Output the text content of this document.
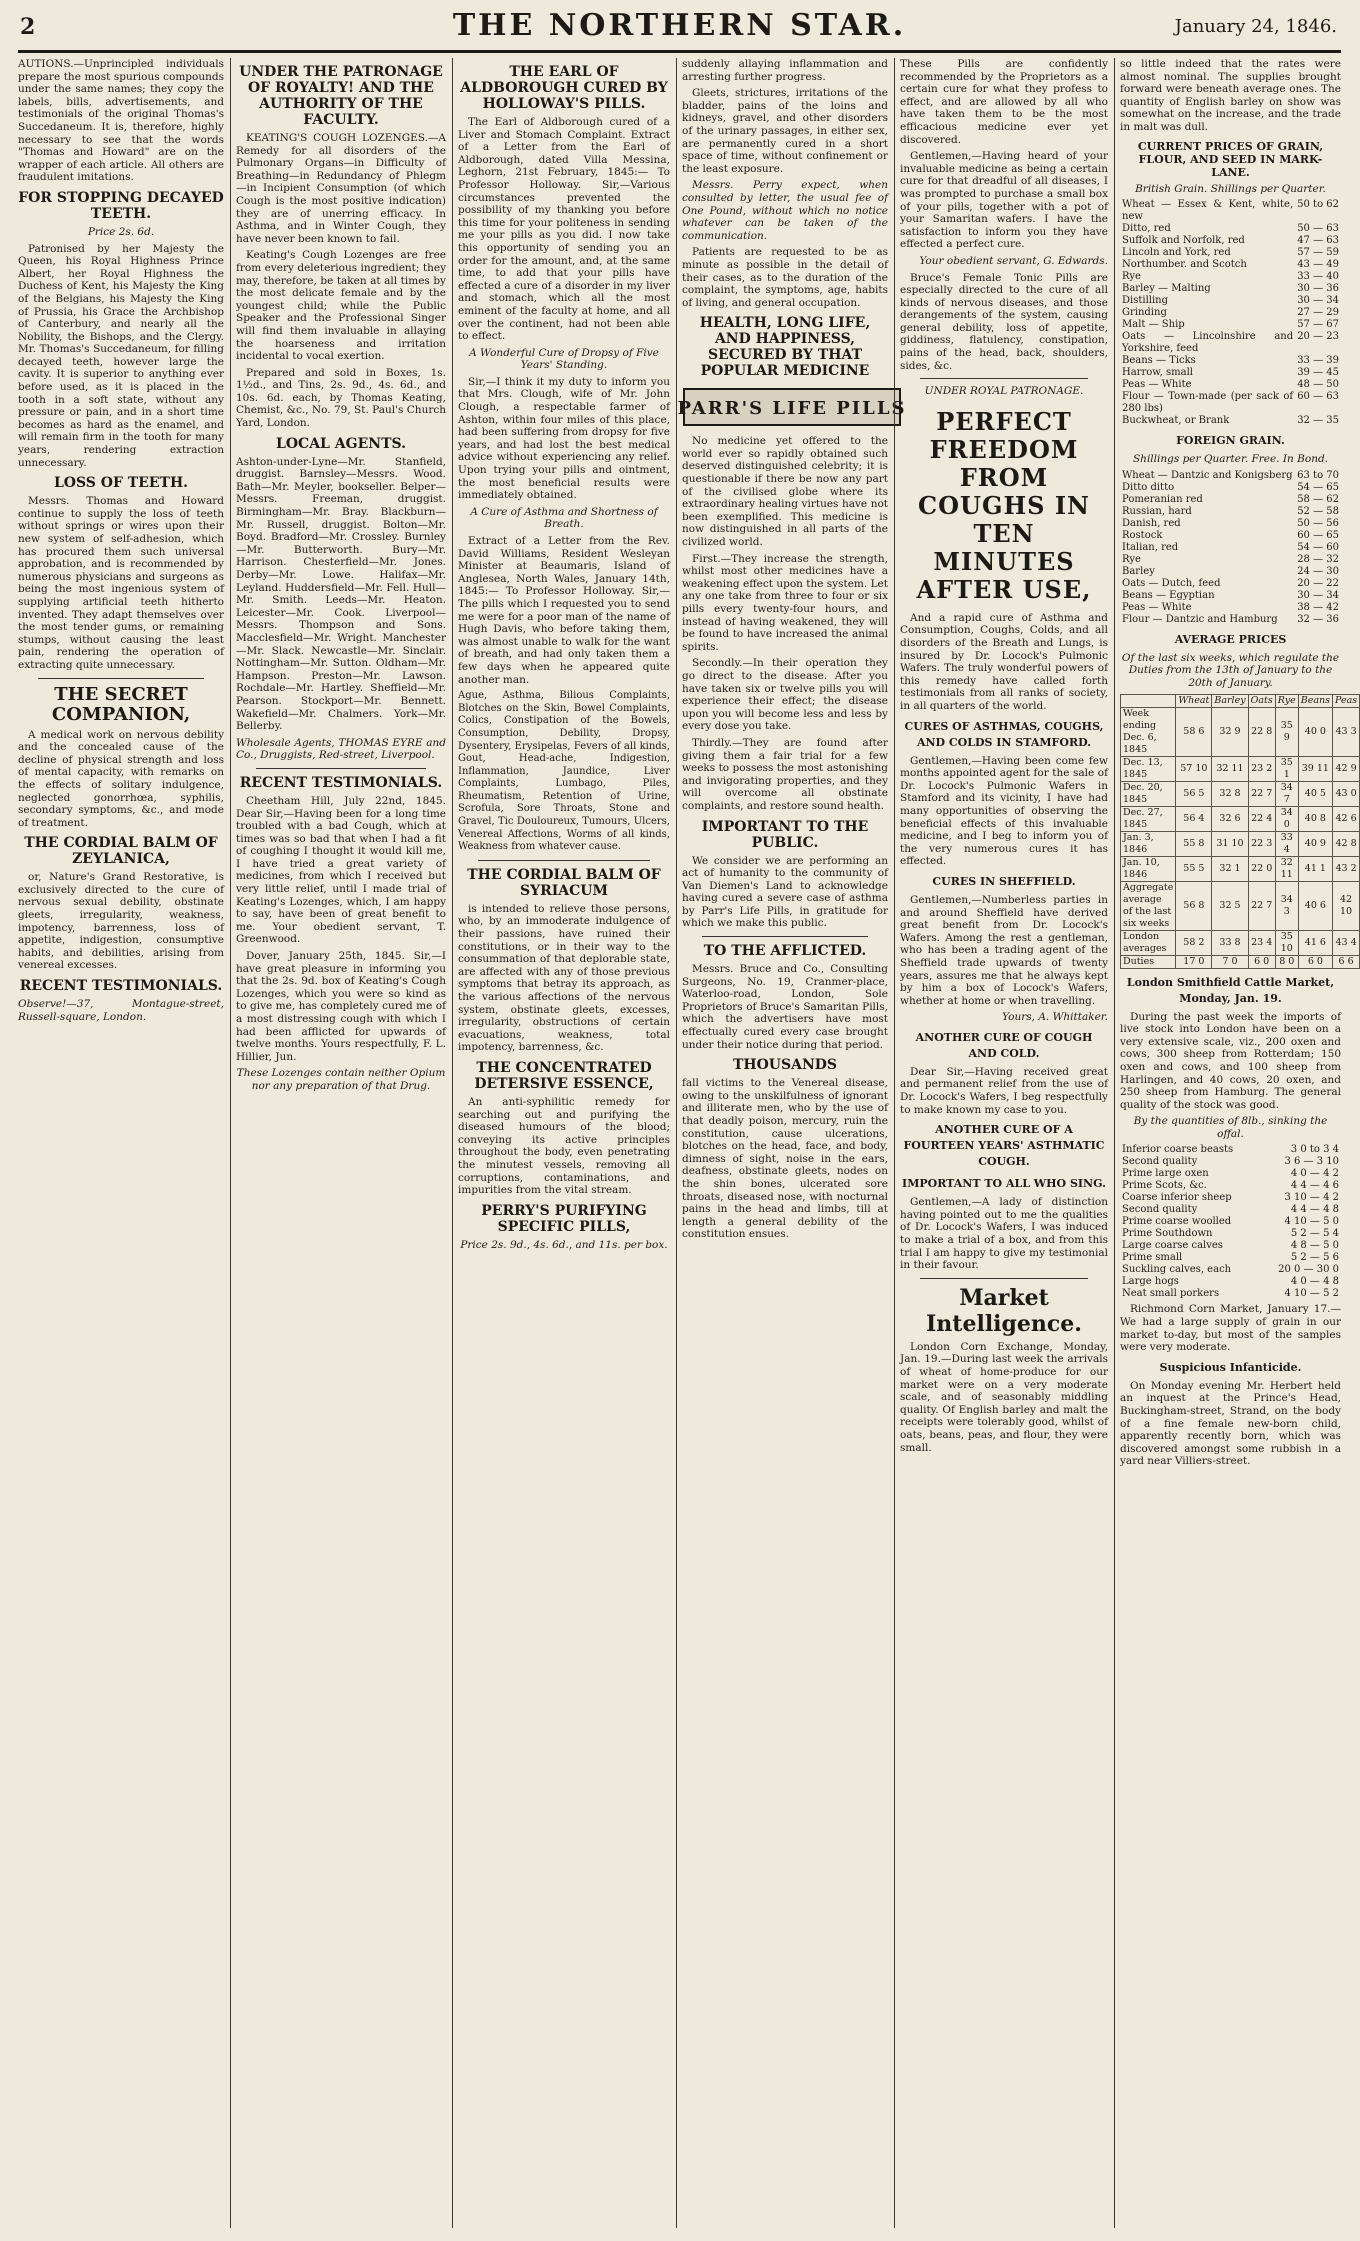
2	THE NORTHERN STAR.	January 24, 1846.

AUTIONS.—Unprincipled individuals prepare the most spurious compounds under the same names; they copy the labels, bills, advertisements, and testimonials of the original Thomas's Succedaneum. It is, therefore, highly necessary to see that the words "Thomas and Howard" are on the wrapper of each article. All others are fraudulent imitations.

FOR STOPPING DECAYED TEETH.
Price 2s. 6d.

Patronised by her Majesty the Queen, his Royal Highness Prince Albert, her Royal Highness the Duchess of Kent, his Majesty the King of the Belgians, his Majesty the King of Prussia, his Grace the Archbishop of Canterbury, and nearly all the Nobility, the Bishops, and the Clergy. Mr. Thomas's Succedaneum, for filling decayed teeth, however large the cavity. It is superior to anything ever before used, as it is placed in the tooth in a soft state, without any pressure or pain, and in a short time becomes as hard as the enamel, and will remain firm in the tooth for many years, rendering extraction unnecessary.

LOSS OF TEETH.

Messrs. Thomas and Howard continue to supply the loss of teeth without springs or wires upon their new system of self-adhesion, which has procured them such universal approbation, and is recommended by numerous physicians and surgeons as being the most ingenious system of supplying artificial teeth hitherto invented. They adapt themselves over the most tender gums, or remaining stumps, without causing the least pain, rendering the operation of extracting quite unnecessary.

THE SECRET COMPANION,

A medical work on nervous debility and the concealed cause of the decline of physical strength and loss of mental capacity, with remarks on the effects of solitary indulgence, neglected gonorrhœa, syphilis, secondary symptoms, &c., and mode of treatment.

THE CORDIAL BALM OF ZEYLANICA,

or, Nature's Grand Restorative, is exclusively directed to the cure of nervous sexual debility, obstinate gleets, irregularity, weakness, impotency, barrenness, loss of appetite, indigestion, consumptive habits, and debilities, arising from venereal excesses.

RECENT TESTIMONIALS.

Observe!—37, Montague-street, Russell-square, London.

UNDER THE PATRONAGE OF ROYALTY! AND THE AUTHORITY OF THE FACULTY.

KEATING'S COUGH LOZENGES.—A Remedy for all disorders of the Pulmonary Organs—in Difficulty of Breathing—in Redundancy of Phlegm—in Incipient Consumption (of which Cough is the most positive indication) they are of unerring efficacy. In Asthma, and in Winter Cough, they have never been known to fail.

Keating's Cough Lozenges are free from every deleterious ingredient; they may, therefore, be taken at all times by the most delicate female and by the youngest child; while the Public Speaker and the Professional Singer will find them invaluable in allaying the hoarseness and irritation incidental to vocal exertion.

Prepared and sold in Boxes, 1s. 1½d., and Tins, 2s. 9d., 4s. 6d., and 10s. 6d. each, by Thomas Keating, Chemist, &c., No. 79, St. Paul's Church Yard, London.

LOCAL AGENTS.

Ashton-under-Lyne—Mr. Stanfield, druggist. Barnsley—Messrs. Wood. Bath—Mr. Meyler, bookseller. Belper—Messrs. Freeman, druggist. Birmingham—Mr. Bray. Blackburn—Mr. Russell, druggist. Bolton—Mr. Boyd. Bradford—Mr. Crossley. Burnley—Mr. Butterworth. Bury—Mr. Harrison. Chesterfield—Mr. Jones. Derby—Mr. Lowe. Halifax—Mr. Leyland. Huddersfield—Mr. Fell. Hull—Mr. Smith. Leeds—Mr. Heaton. Leicester—Mr. Cook. Liverpool—Messrs. Thompson and Sons. Macclesfield—Mr. Wright. Manchester—Mr. Slack. Newcastle—Mr. Sinclair. Nottingham—Mr. Sutton. Oldham—Mr. Hampson. Preston—Mr. Lawson. Rochdale—Mr. Hartley. Sheffield—Mr. Pearson. Stockport—Mr. Bennett. Wakefield—Mr. Chalmers. York—Mr. Bellerby.

Wholesale Agents, THOMAS EYRE and Co., Druggists, Red-street, Liverpool.

RECENT TESTIMONIALS.

Cheetham Hill, July 22nd, 1845. Dear Sir,—Having been for a long time troubled with a bad Cough, which at times was so bad that when I had a fit of coughing I thought it would kill me, I have tried a great variety of medicines, from which I received but very little relief, until I made trial of Keating's Lozenges, which, I am happy to say, have been of great benefit to me. Your obedient servant, T. Greenwood.

Dover, January 25th, 1845. Sir,—I have great pleasure in informing you that the 2s. 9d. box of Keating's Cough Lozenges, which you were so kind as to give me, has completely cured me of a most distressing cough with which I had been afflicted for upwards of twelve months. Yours respectfully, F. L. Hillier, Jun.

These Lozenges contain neither Opium nor any preparation of that Drug.

THE EARL OF ALDBOROUGH CURED BY HOLLOWAY'S PILLS.

The Earl of Aldborough cured of a Liver and Stomach Complaint. Extract of a Letter from the Earl of Aldborough, dated Villa Messina, Leghorn, 21st February, 1845:— To Professor Holloway. Sir,—Various circumstances prevented the possibility of my thanking you before this time for your politeness in sending me your pills as you did. I now take this opportunity of sending you an order for the amount, and, at the same time, to add that your pills have effected a cure of a disorder in my liver and stomach, which all the most eminent of the faculty at home, and all over the continent, had not been able to effect.

A Wonderful Cure of Dropsy of Five Years' Standing.

Sir,—I think it my duty to inform you that Mrs. Clough, wife of Mr. John Clough, a respectable farmer of Ashton, within four miles of this place, had been suffering from dropsy for five years, and had lost the best medical advice without experiencing any relief. Upon trying your pills and ointment, the most beneficial results were immediately obtained.

A Cure of Asthma and Shortness of Breath.

Extract of a Letter from the Rev. David Williams, Resident Wesleyan Minister at Beaumaris, Island of Anglesea, North Wales, January 14th, 1845:— To Professor Holloway. Sir,—The pills which I requested you to send me were for a poor man of the name of Hugh Davis, who before taking them, was almost unable to walk for the want of breath, and had only taken them a few days when he appeared quite another man.

Ague, Asthma, Bilious Complaints, Blotches on the Skin, Bowel Complaints, Colics, Constipation of the Bowels, Consumption, Debility, Dropsy, Dysentery, Erysipelas, Fevers of all kinds, Gout, Head-ache, Indigestion, Inflammation, Jaundice, Liver Complaints, Lumbago, Piles, Rheumatism, Retention of Urine, Scrofula, Sore Throats, Stone and Gravel, Tic Douloureux, Tumours, Ulcers, Venereal Affections, Worms of all kinds, Weakness from whatever cause.

THE CORDIAL BALM OF SYRIACUM

is intended to relieve those persons, who, by an immoderate indulgence of their passions, have ruined their constitutions, or in their way to the consummation of that deplorable state, are affected with any of those previous symptoms that betray its approach, as the various affections of the nervous system, obstinate gleets, excesses, irregularity, obstructions of certain evacuations, weakness, total impotency, barrenness, &c.

THE CONCENTRATED DETERSIVE ESSENCE,

An anti-syphilitic remedy for searching out and purifying the diseased humours of the blood; conveying its active principles throughout the body, even penetrating the minutest vessels, removing all corruptions, contaminations, and impurities from the vital stream.

PERRY'S PURIFYING SPECIFIC PILLS,
Price 2s. 9d., 4s. 6d., and 11s. per box.

suddenly allaying inflammation and arresting further progress.

Gleets, strictures, irritations of the bladder, pains of the loins and kidneys, gravel, and other disorders of the urinary passages, in either sex, are permanently cured in a short space of time, without confinement or the least exposure.

Messrs. Perry expect, when consulted by letter, the usual fee of One Pound, without which no notice whatever can be taken of the communication.

Patients are requested to be as minute as possible in the detail of their cases, as to the duration of the complaint, the symptoms, age, habits of living, and general occupation.

HEALTH, LONG LIFE, AND HAPPINESS, SECURED BY THAT POPULAR MEDICINE
PARR'S LIFE PILLS

No medicine yet offered to the world ever so rapidly obtained such deserved distinguished celebrity; it is questionable if there be now any part of the civilised globe where its extraordinary healing virtues have not been exemplified. This medicine is now distinguished in all parts of the civilized world.

First.—They increase the strength, whilst most other medicines have a weakening effect upon the system. Let any one take from three to four or six pills every twenty-four hours, and instead of having weakened, they will be found to have increased the animal spirits.

Secondly.—In their operation they go direct to the disease. After you have taken six or twelve pills you will experience their effect; the disease upon you will become less and less by every dose you take.

Thirdly.—They are found after giving them a fair trial for a few weeks to possess the most astonishing and invigorating properties, and they will overcome all obstinate complaints, and restore sound health.

IMPORTANT TO THE PUBLIC.

We consider we are performing an act of humanity to the community of Van Diemen's Land to acknowledge having cured a severe case of asthma by Parr's Life Pills, in gratitude for which we make this public.

TO THE AFFLICTED.

Messrs. Bruce and Co., Consulting Surgeons, No. 19, Cranmer-place, Waterloo-road, London, Sole Proprietors of Bruce's Samaritan Pills, which the advertisers have most effectually cured every case brought under their notice during that period.

THOUSANDS

fall victims to the Venereal disease, owing to the unskilfulness of ignorant and illiterate men, who by the use of that deadly poison, mercury, ruin the constitution, cause ulcerations, blotches on the head, face, and body, dimness of sight, noise in the ears, deafness, obstinate gleets, nodes on the shin bones, ulcerated sore throats, diseased nose, with nocturnal pains in the head and limbs, till at length a general debility of the constitution ensues.

These Pills are confidently recommended by the Proprietors as a certain cure for what they profess to effect, and are allowed by all who have taken them to be the most efficacious medicine ever yet discovered.

Gentlemen,—Having heard of your invaluable medicine as being a certain cure for that dreadful of all diseases, I was prompted to purchase a small box of your pills, together with a pot of your Samaritan wafers. I have the satisfaction to inform you they have effected a perfect cure.

Your obedient servant, G. Edwards.

Bruce's Female Tonic Pills are especially directed to the cure of all kinds of nervous diseases, and those derangements of the system, causing general debility, loss of appetite, giddiness, flatulency, constipation, pains of the head, back, shoulders, sides, &c.

UNDER ROYAL PATRONAGE.
PERFECT FREEDOM FROM COUGHS IN TEN MINUTES AFTER USE,

And a rapid cure of Asthma and Consumption, Coughs, Colds, and all disorders of the Breath and Lungs, is insured by Dr. Locock's Pulmonic Wafers. The truly wonderful powers of this remedy have called forth testimonials from all ranks of society, in all quarters of the world.

CURES OF ASTHMAS, COUGHS, AND COLDS IN STAMFORD.

Gentlemen,—Having been come few months appointed agent for the sale of Dr. Locock's Pulmonic Wafers in Stamford and its vicinity, I have had many opportunities of observing the beneficial effects of this invaluable medicine, and I beg to inform you of the very numerous cures it has effected.

CURES IN SHEFFIELD.

Gentlemen,—Numberless parties in and around Sheffield have derived great benefit from Dr. Locock's Wafers. Among the rest a gentleman, who has been a trading agent of the Sheffield trade upwards of twenty years, assures me that he always kept by him a box of Locock's Wafers, whether at home or when travelling.

Yours, A. Whittaker.

ANOTHER CURE OF COUGH AND COLD.

Dear Sir,—Having received great and permanent relief from the use of Dr. Locock's Wafers, I beg respectfully to make known my case to you.

ANOTHER CURE OF A FOURTEEN YEARS' ASTHMATIC COUGH.
IMPORTANT TO ALL WHO SING.

Gentlemen,—A lady of distinction having pointed out to me the qualities of Dr. Locock's Wafers, I was induced to make a trial of a box, and from this trial I am happy to give my testimonial in their favour.

Market Intelligence.

London Corn Exchange, Monday, Jan. 19.—During last week the arrivals of wheat of home-produce for our market were on a very moderate scale, and of seasonably middling quality. Of English barley and malt the receipts were tolerably good, whilst of oats, beans, peas, and flour, they were small.

so little indeed that the rates were almost nominal. The supplies brought forward were beneath average ones. The quantity of English barley on show was somewhat on the increase, and the trade in malt was dull.

CURRENT PRICES OF GRAIN, FLOUR, AND SEED IN MARK-LANE.
British Grain. Shillings per Quarter.
Wheat — Essex & Kent, white, new	50 to 62
Ditto, red	50 — 63
Suffolk and Norfolk, red	47 — 63
Lincoln and York, red	57 — 59
Northumber. and Scotch	43 — 49
Rye	33 — 40
Barley — Malting	30 — 36
Distilling	30 — 34
Grinding	27 — 29
Malt — Ship	57 — 67
Oats — Lincolnshire and Yorkshire, feed	20 — 23
Beans — Ticks	33 — 39
Harrow, small	39 — 45
Peas — White	48 — 50
Flour — Town-made (per sack of 280 lbs)	60 — 63
Buckwheat, or Brank	32 — 35
FOREIGN GRAIN.
Shillings per Quarter. Free. In Bond.
Wheat — Dantzic and Konigsberg	63 to 70
Ditto ditto	54 — 65
Pomeranian red	58 — 62
Russian, hard	52 — 58
Danish, red	50 — 56
Rostock	60 — 65
Italian, red	54 — 60
Rye	28 — 32
Barley	24 — 30
Oats — Dutch, feed	20 — 22
Beans — Egyptian	30 — 34
Peas — White	38 — 42
Flour — Dantzic and Hamburg	32 — 36
AVERAGE PRICES
Of the last six weeks, which regulate the Duties from the 13th of January to the 20th of January.
	Wheat	Barley	Oats	Rye	Beans	Peas
Week ending Dec. 6, 1845	58 6	32 9	22 8	35 9	40 0	43 3
Dec. 13, 1845	57 10	32 11	23 2	35 1	39 11	42 9
Dec. 20, 1845	56 5	32 8	22 7	34 7	40 5	43 0
Dec. 27, 1845	56 4	32 6	22 4	34 0	40 8	42 6
Jan. 3, 1846	55 8	31 10	22 3	33 4	40 9	42 8
Jan. 10, 1846	55 5	32 1	22 0	32 11	41 1	43 2
Aggregate average of the last six weeks	56 8	32 5	22 7	34 3	40 6	42 10
London averages	58 2	33 8	23 4	35 10	41 6	43 4
Duties	17 0	7 0	6 0	8 0	6 0	6 6
London Smithfield Cattle Market, Monday, Jan. 19.

During the past week the imports of live stock into London have been on a very extensive scale, viz., 200 oxen and cows, 300 sheep from Rotterdam; 150 oxen and cows, and 100 sheep from Harlingen, and 40 cows, 20 oxen, and 250 sheep from Hamburg. The general quality of the stock was good.

By the quantities of 8lb., sinking the offal.
Inferior coarse beasts	3 0 to 3 4
Second quality	3 6 — 3 10
Prime large oxen	4 0 — 4 2
Prime Scots, &c.	4 4 — 4 6
Coarse inferior sheep	3 10 — 4 2
Second quality	4 4 — 4 8
Prime coarse woolled	4 10 — 5 0
Prime Southdown	5 2 — 5 4
Large coarse calves	4 8 — 5 0
Prime small	5 2 — 5 6
Suckling calves, each	20 0 — 30 0
Large hogs	4 0 — 4 8
Neat small porkers	4 10 — 5 2

Richmond Corn Market, January 17.—We had a large supply of grain in our market to-day, but most of the samples were very moderate.

Suspicious Infanticide.

On Monday evening Mr. Herbert held an inquest at the Prince's Head, Buckingham-street, Strand, on the body of a fine female new-born child, apparently recently born, which was discovered amongst some rubbish in a yard near Villiers-street.
